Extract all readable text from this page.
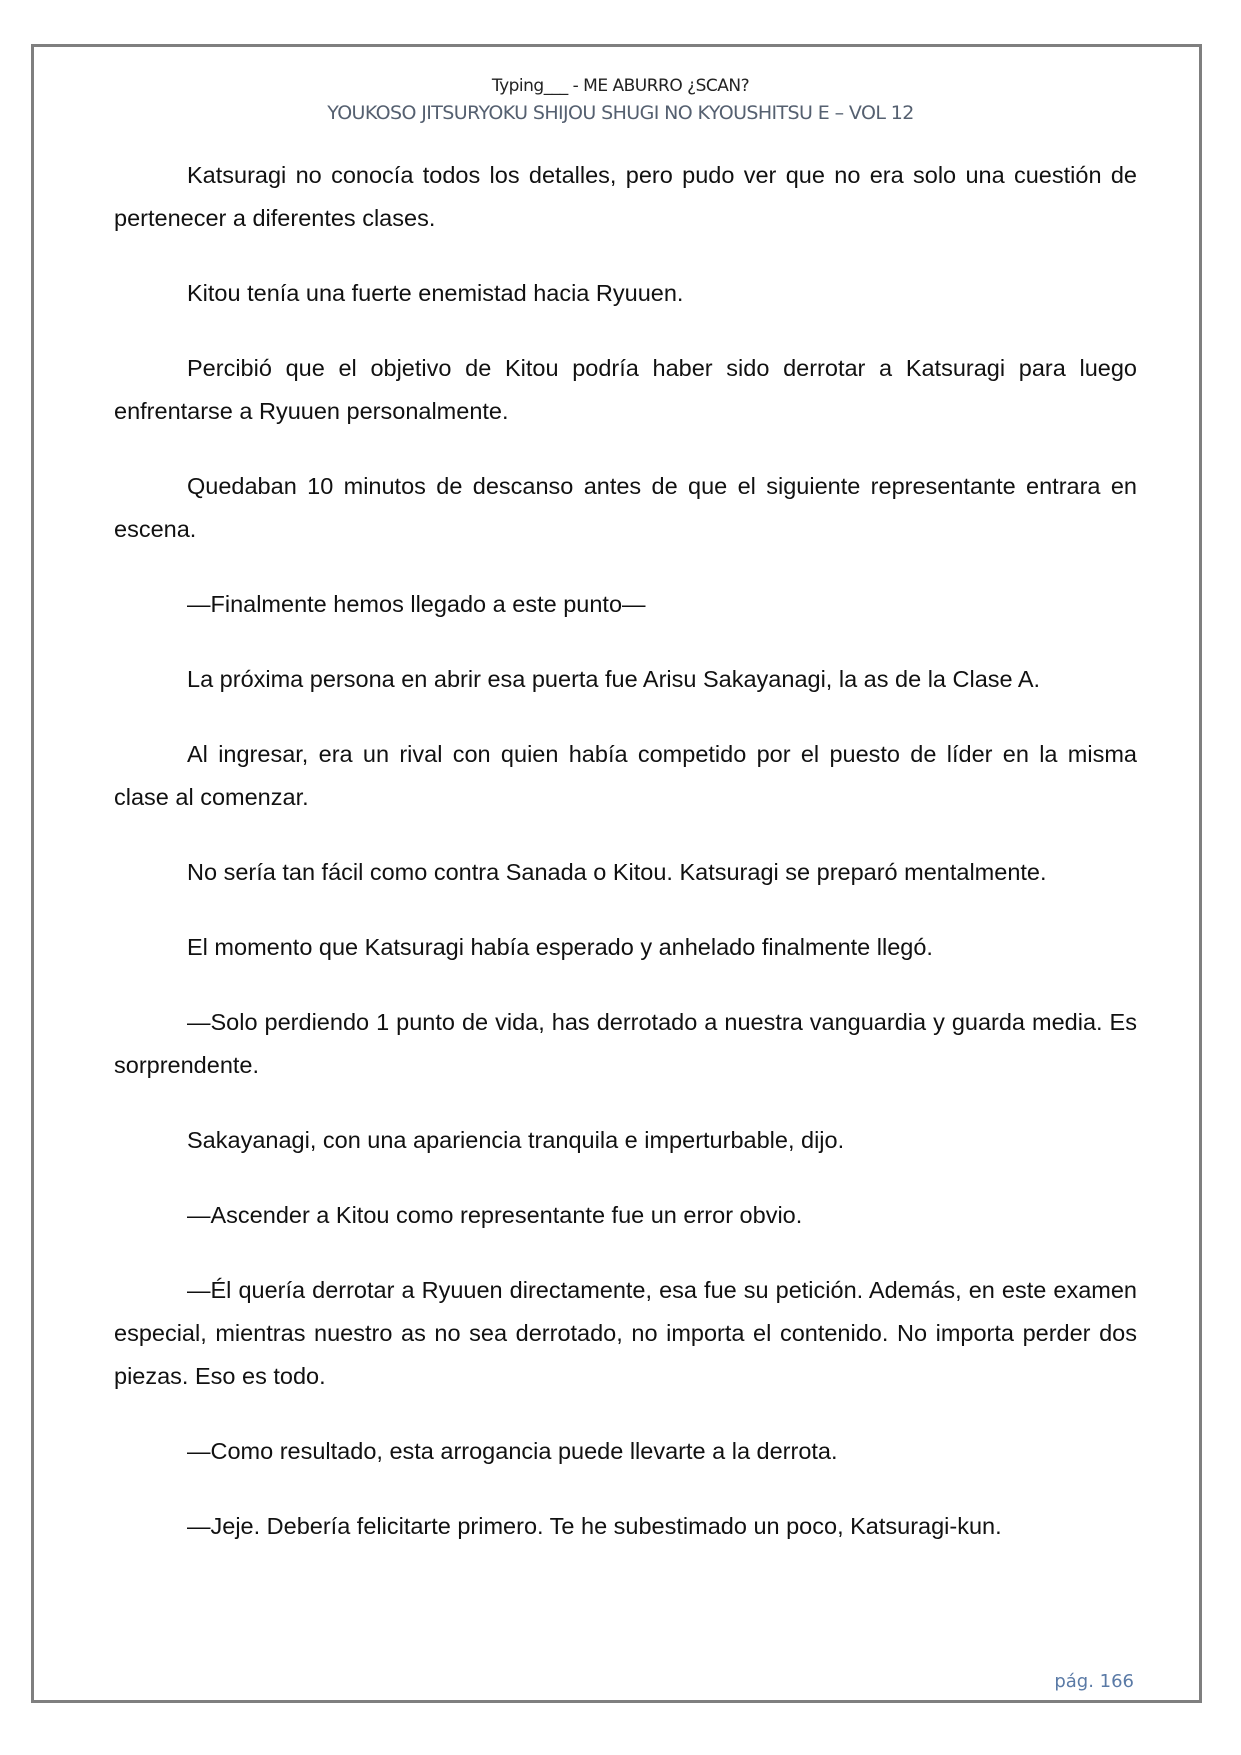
Typing___ - ME ABURRO ¿SCAN?
YOUKOSO JITSURYOKU SHIJOU SHUGI NO KYOUSHITSU E – VOL 12

Katsuragi no conocía todos los detalles, pero pudo ver que no era solo una cuestión de pertenecer a diferentes clases.

Kitou tenía una fuerte enemistad hacia Ryuuen.

Percibió que el objetivo de Kitou podría haber sido derrotar a Katsuragi para luego enfrentarse a Ryuuen personalmente.

Quedaban 10 minutos de descanso antes de que el siguiente representante entrara en escena.

—Finalmente hemos llegado a este punto—

La próxima persona en abrir esa puerta fue Arisu Sakayanagi, la as de la Clase A.

Al ingresar, era un rival con quien había competido por el puesto de líder en la misma clase al comenzar.

No sería tan fácil como contra Sanada o Kitou. Katsuragi se preparó mentalmente.

El momento que Katsuragi había esperado y anhelado finalmente llegó.

—Solo perdiendo 1 punto de vida, has derrotado a nuestra vanguardia y guarda media. Es sorprendente.

Sakayanagi, con una apariencia tranquila e imperturbable, dijo.

—Ascender a Kitou como representante fue un error obvio.

—Él quería derrotar a Ryuuen directamente, esa fue su petición. Además, en este examen especial, mientras nuestro as no sea derrotado, no importa el contenido. No importa perder dos piezas. Eso es todo.

—Como resultado, esta arrogancia puede llevarte a la derrota.

—Jeje. Debería felicitarte primero. Te he subestimado un poco, Katsuragi-kun.

pág. 166
